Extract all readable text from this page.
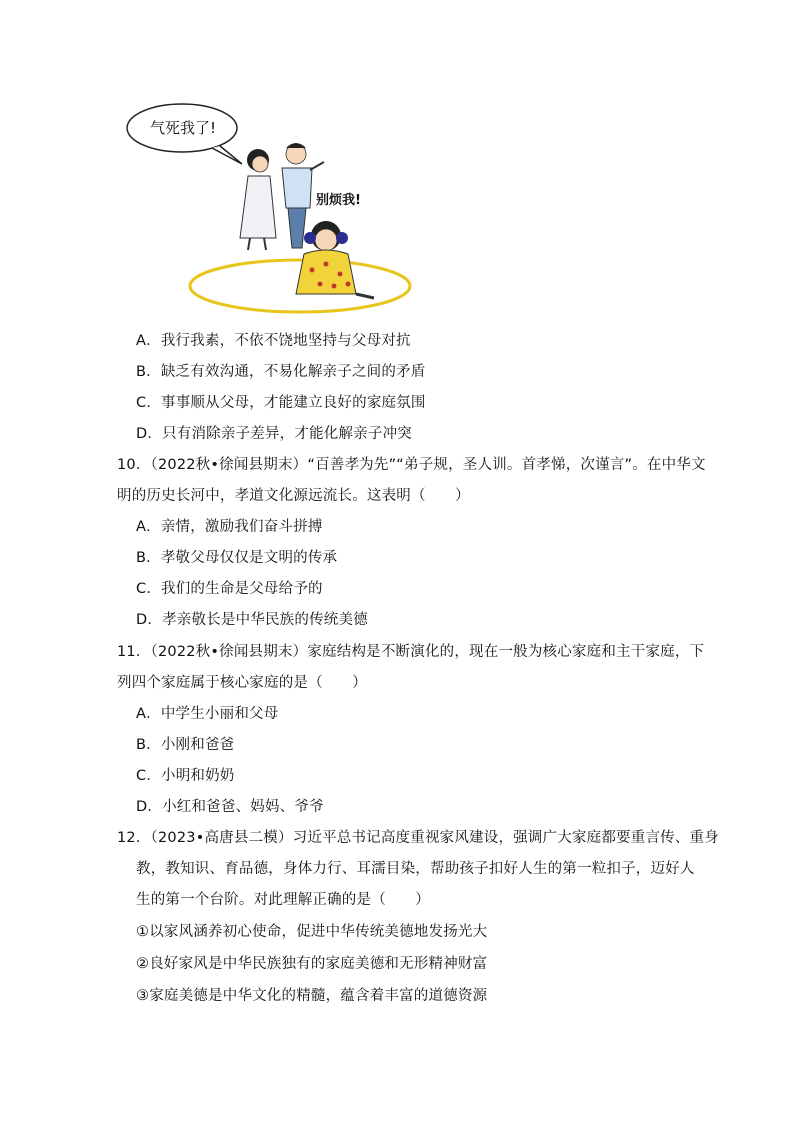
气死我了!
别烦我!
A．我行我素，不依不饶地坚持与父母对抗
B．缺乏有效沟通，不易化解亲子之间的矛盾
C．事事顺从父母，才能建立良好的家庭氛围
D．只有消除亲子差异，才能化解亲子冲突
10．（2022秋•徐闻县期末）“百善孝为先”“弟子规，圣人训。首孝悌，次谨言”。在中华文
明的历史长河中，孝道文化源远流长。这表明（　　）
A．亲情，激励我们奋斗拼搏
B．孝敬父母仅仅是文明的传承
C．我们的生命是父母给予的
D．孝亲敬长是中华民族的传统美德
11．（2022秋•徐闻县期末）家庭结构是不断演化的，现在一般为核心家庭和主干家庭，下
列四个家庭属于核心家庭的是（　　）
A．中学生小丽和父母
B．小刚和爸爸
C．小明和奶奶
D．小红和爸爸、妈妈、爷爷
12．（2023•高唐县二模）习近平总书记高度重视家风建设，强调广大家庭都要重言传、重身
教，教知识、育品德，身体力行、耳濡目染，帮助孩子扣好人生的第一粒扣子，迈好人
生的第一个台阶。对此理解正确的是（　　）
①以家风涵养初心使命，促进中华传统美德地发扬光大
②良好家风是中华民族独有的家庭美德和无形精神财富
③家庭美德是中华文化的精髓，蕴含着丰富的道德资源
